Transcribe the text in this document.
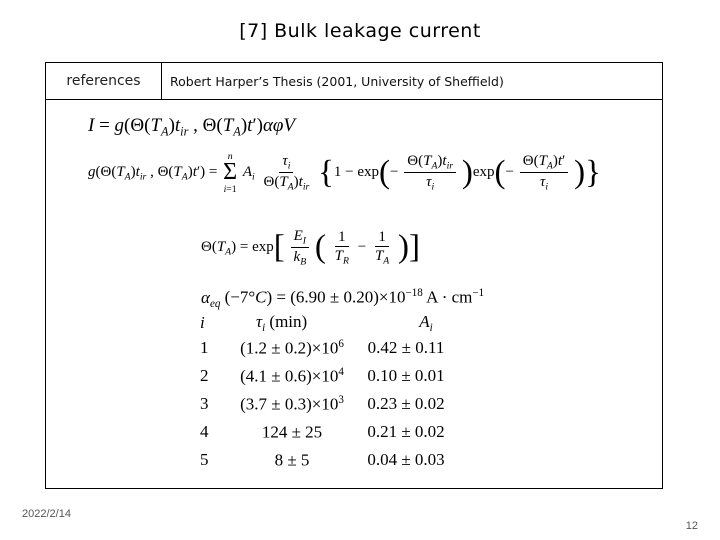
[7] Bulk leakage current
references	Robert Harper’s Thesis (2001, University of Sheffield)
$I = g(\Theta(T_A)t_{ir}$ , $\Theta(T_A)t')\alpha\varphi V$
$g(\Theta(T_A)t_{ir}$ , $\Theta(T_A)t'$) =
n
Σ
i=1
$A_i \frac{\tau_i}{\Theta(T_A)t_{ir}} \{1 - \exp(- \frac{\Theta(T_A)t_{ir}}{\tau_i} )\exp(- \frac{\Theta(T_A)t'}{\tau_i}$ )}
$\Theta(T_A) = \exp[ \frac{E_I}{k_B}$ ( $\frac{1}{T_R} - \frac{1}{T_A}$ )]
$\alpha_{eq}$ $(-7^\circ C) = (6.90 \pm 0.20)\times 10^{-18}$ $A \cdot cm^{-1}$
i	$\tau_i$ (min)	$A_i$
1	$(1.2 \pm 0.2)\times 10^6$	0.42 ± 0.11
2	$(4.1 \pm 0.6)\times 10^4$	0.10 ± 0.01
3	$(3.7 \pm 0.3)\times 10^3$	0.23 ± 0.02
4	124 ± 25	0.21 ± 0.02
5	8 ± 5	0.04 ± 0.03
2022/2/14
12
